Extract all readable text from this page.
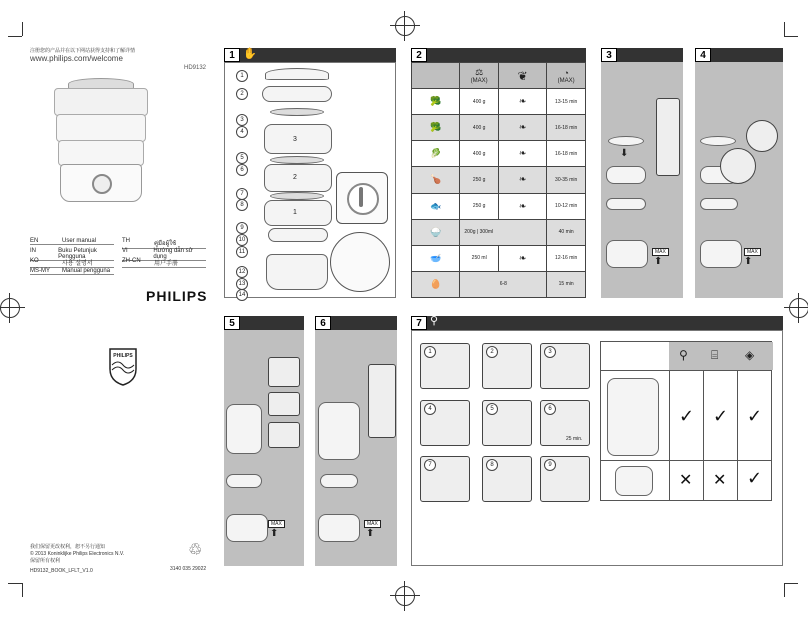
注册您的产品并在以下网站获得支持和了解详情
www.philips.com/welcome
HD9132
EN	User manual
IN	Buku Petunjuk Pengguna
KO	사용 설명서
MS-MY	Manual pengguna
TH	คู่มือผู้ใช้
VI	Hướng dẫn sử dụng
ZH-CN	用户手册
PHILIPS
PHILIPS
我们保留更改权利，恕不另行通知
© 2013 Koninklijke Philips Electronics N.V.
保留所有权利
HD9132_BOOK_LFLT_V1.0
♲
3140 035 29022
1 ✋
3
2
1
1
2
3
4
5
6
7
8
9
10
11
12
13
14
2

	⚖
(MAX)	❦	◔
(MAX)
🥦	400 g	❧	13-15 min
🥦	400 g	❧	16-18 min
🥬	400 g	❧	16-18 min
🍗	250 g	❧	30-35 min
🐟	250 g	❧	10-12 min
🍚	200g | 300ml		40 min
🥣	250 ml	❧	12-16 min
🥚	6-8		15 min
3
MAX
⬇
⬆
4
MAX
⬆
5
MAX
⬆
6
MAX
⬆
7 ⚲
1	2	3
4	5	6
7	8	9
25 min.
⚲ ⌸ ◈
✓ ✓ ✓
✕ ✕ ✓
